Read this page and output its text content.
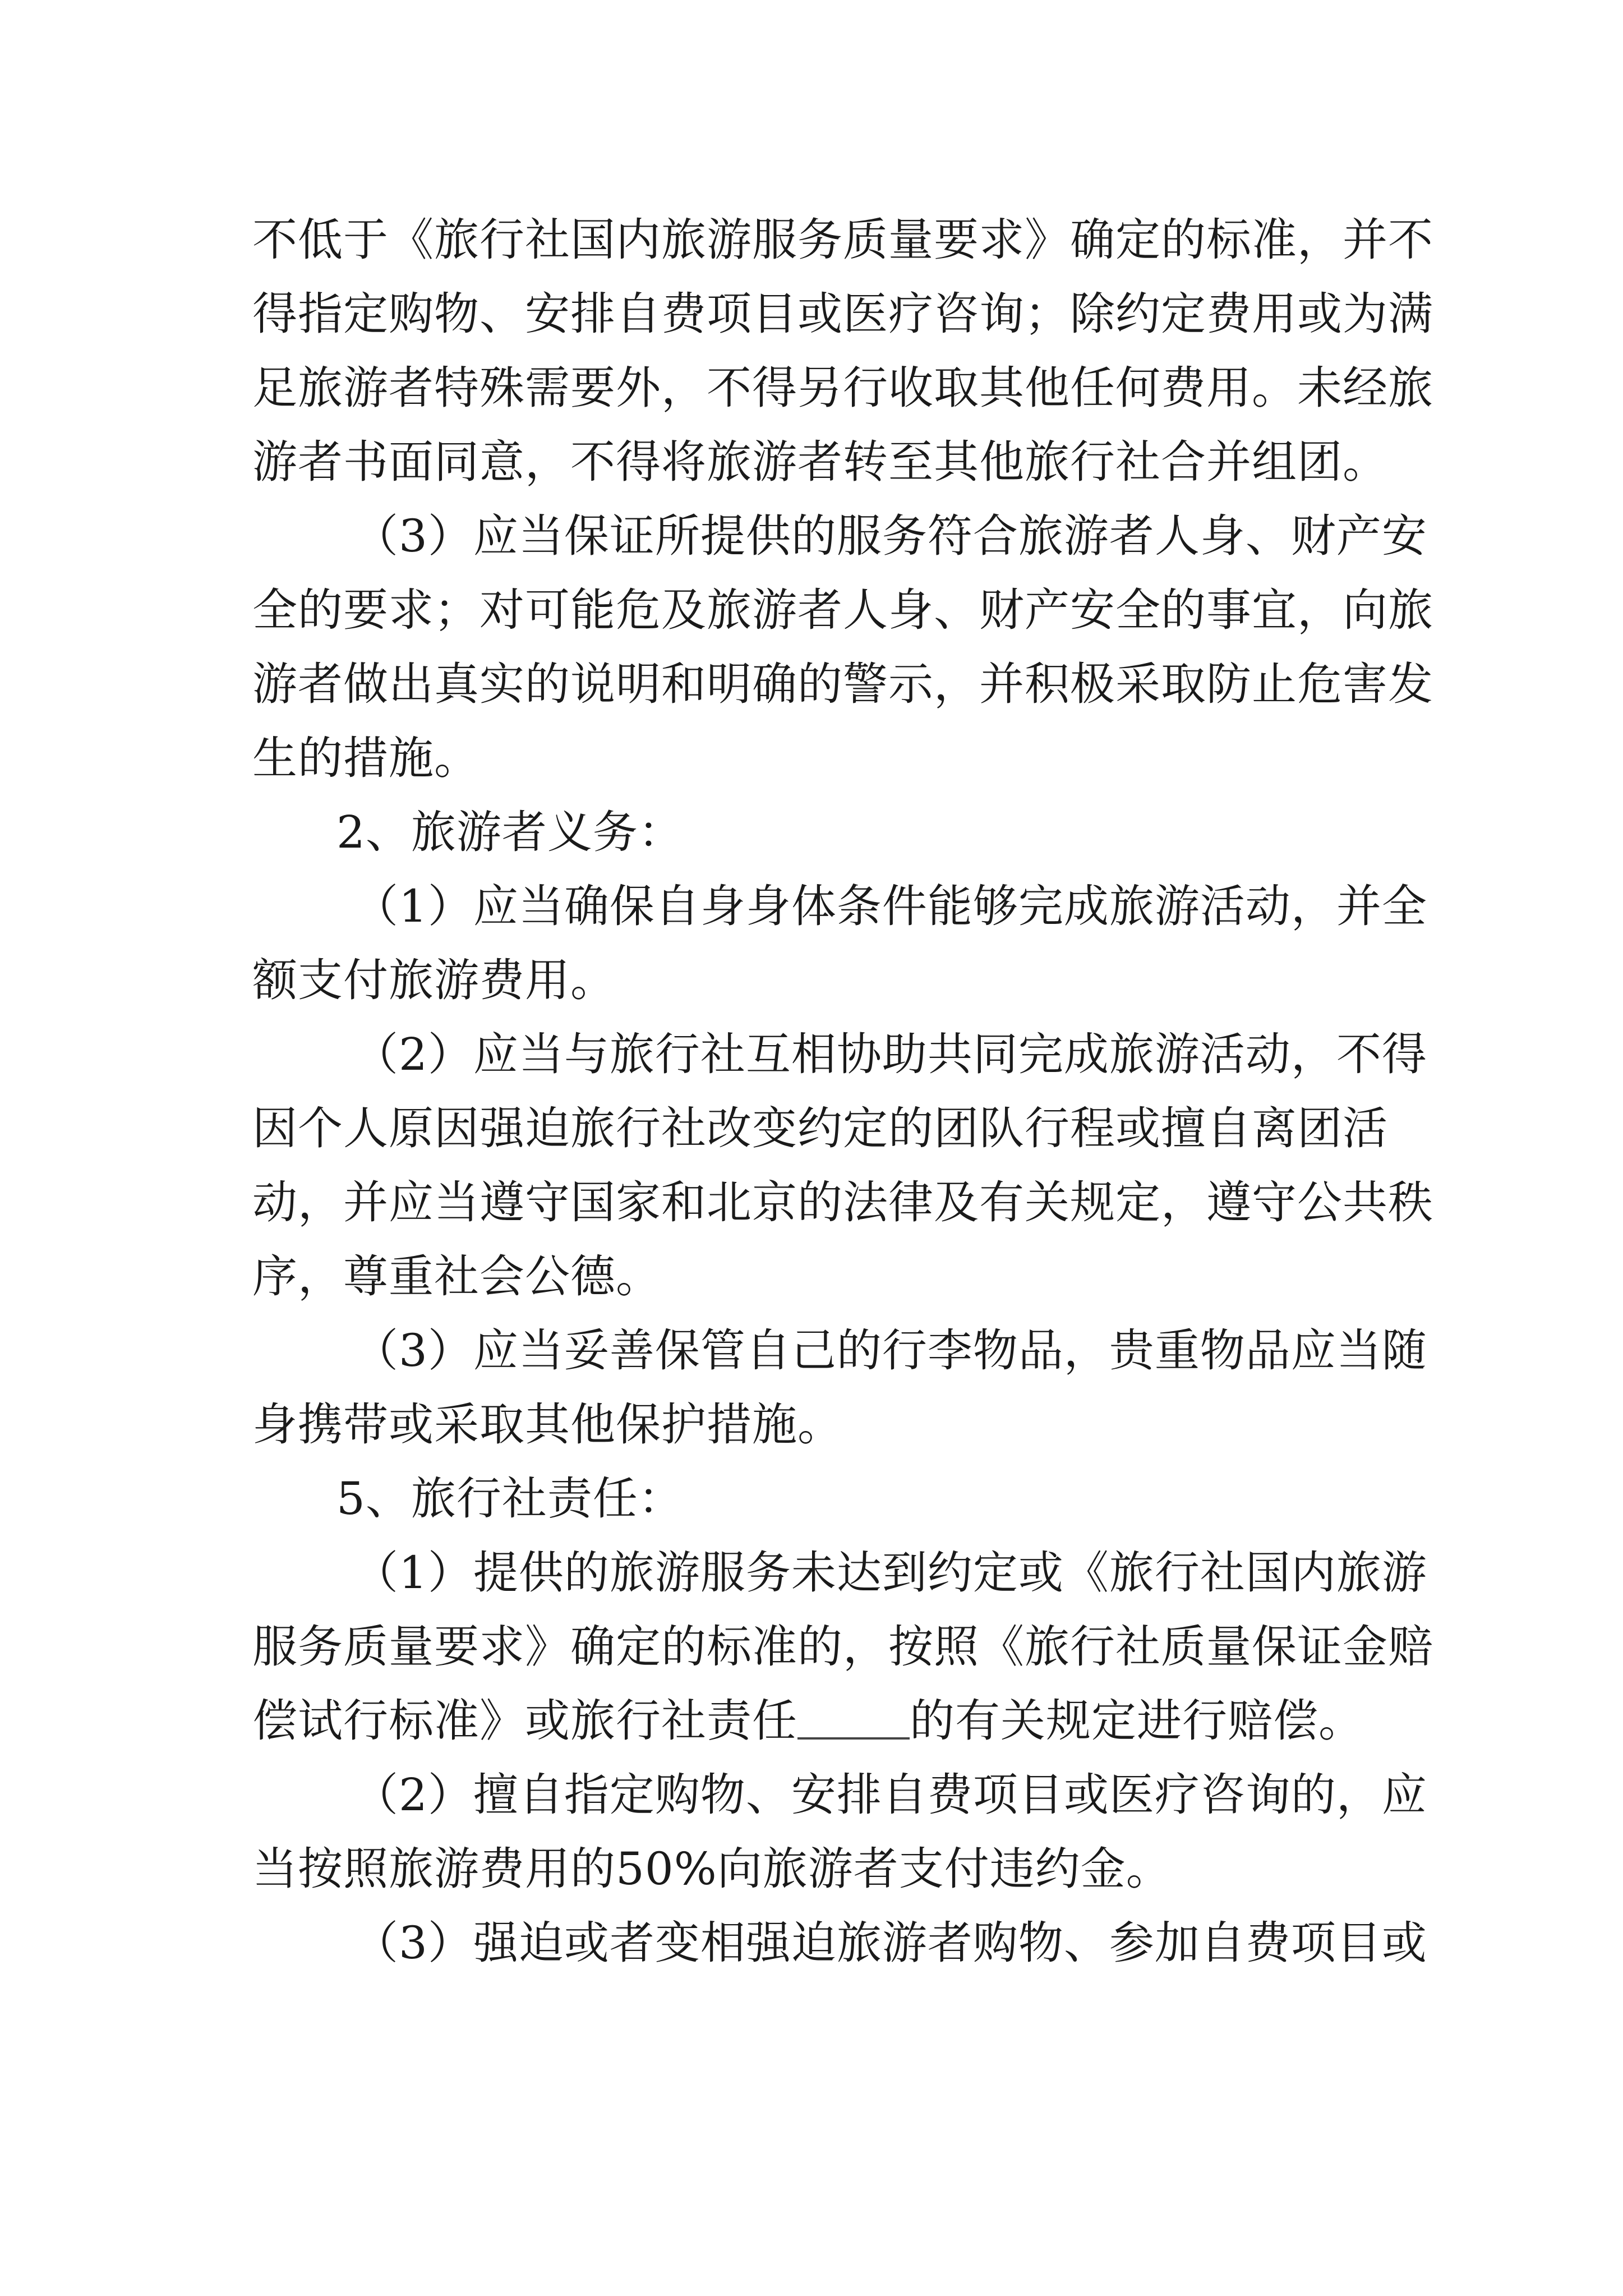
不低于《旅行社国内旅游服务质量要求》确定的标准，并不
得指定购物、安排自费项目或医疗咨询；除约定费用或为满
足旅游者特殊需要外，不得另行收取其他任何费用。未经旅
游者书面同意，不得将旅游者转至其他旅行社合并组团。
（3）应当保证所提供的服务符合旅游者人身、财产安
全的要求；对可能危及旅游者人身、财产安全的事宜，向旅
游者做出真实的说明和明确的警示，并积极采取防止危害发
生的措施。
2、旅游者义务：
（1）应当确保自身身体条件能够完成旅游活动，并全
额支付旅游费用。
（2）应当与旅行社互相协助共同完成旅游活动，不得
因个人原因强迫旅行社改变约定的团队行程或擅自离团活
动，并应当遵守国家和北京的法律及有关规定，遵守公共秩
序，尊重社会公德。
（3）应当妥善保管自己的行李物品，贵重物品应当随
身携带或采取其他保护措施。
5、旅行社责任：
（1）提供的旅游服务未达到约定或《旅行社国内旅游
服务质量要求》确定的标准的，按照《旅行社质量保证金赔
偿试行标准》或旅行社责任	的有关规定进行赔偿。
（2）擅自指定购物、安排自费项目或医疗咨询的，应
当按照旅游费用的50%向旅游者支付违约金。
（3）强迫或者变相强迫旅游者购物、参加自费项目或
